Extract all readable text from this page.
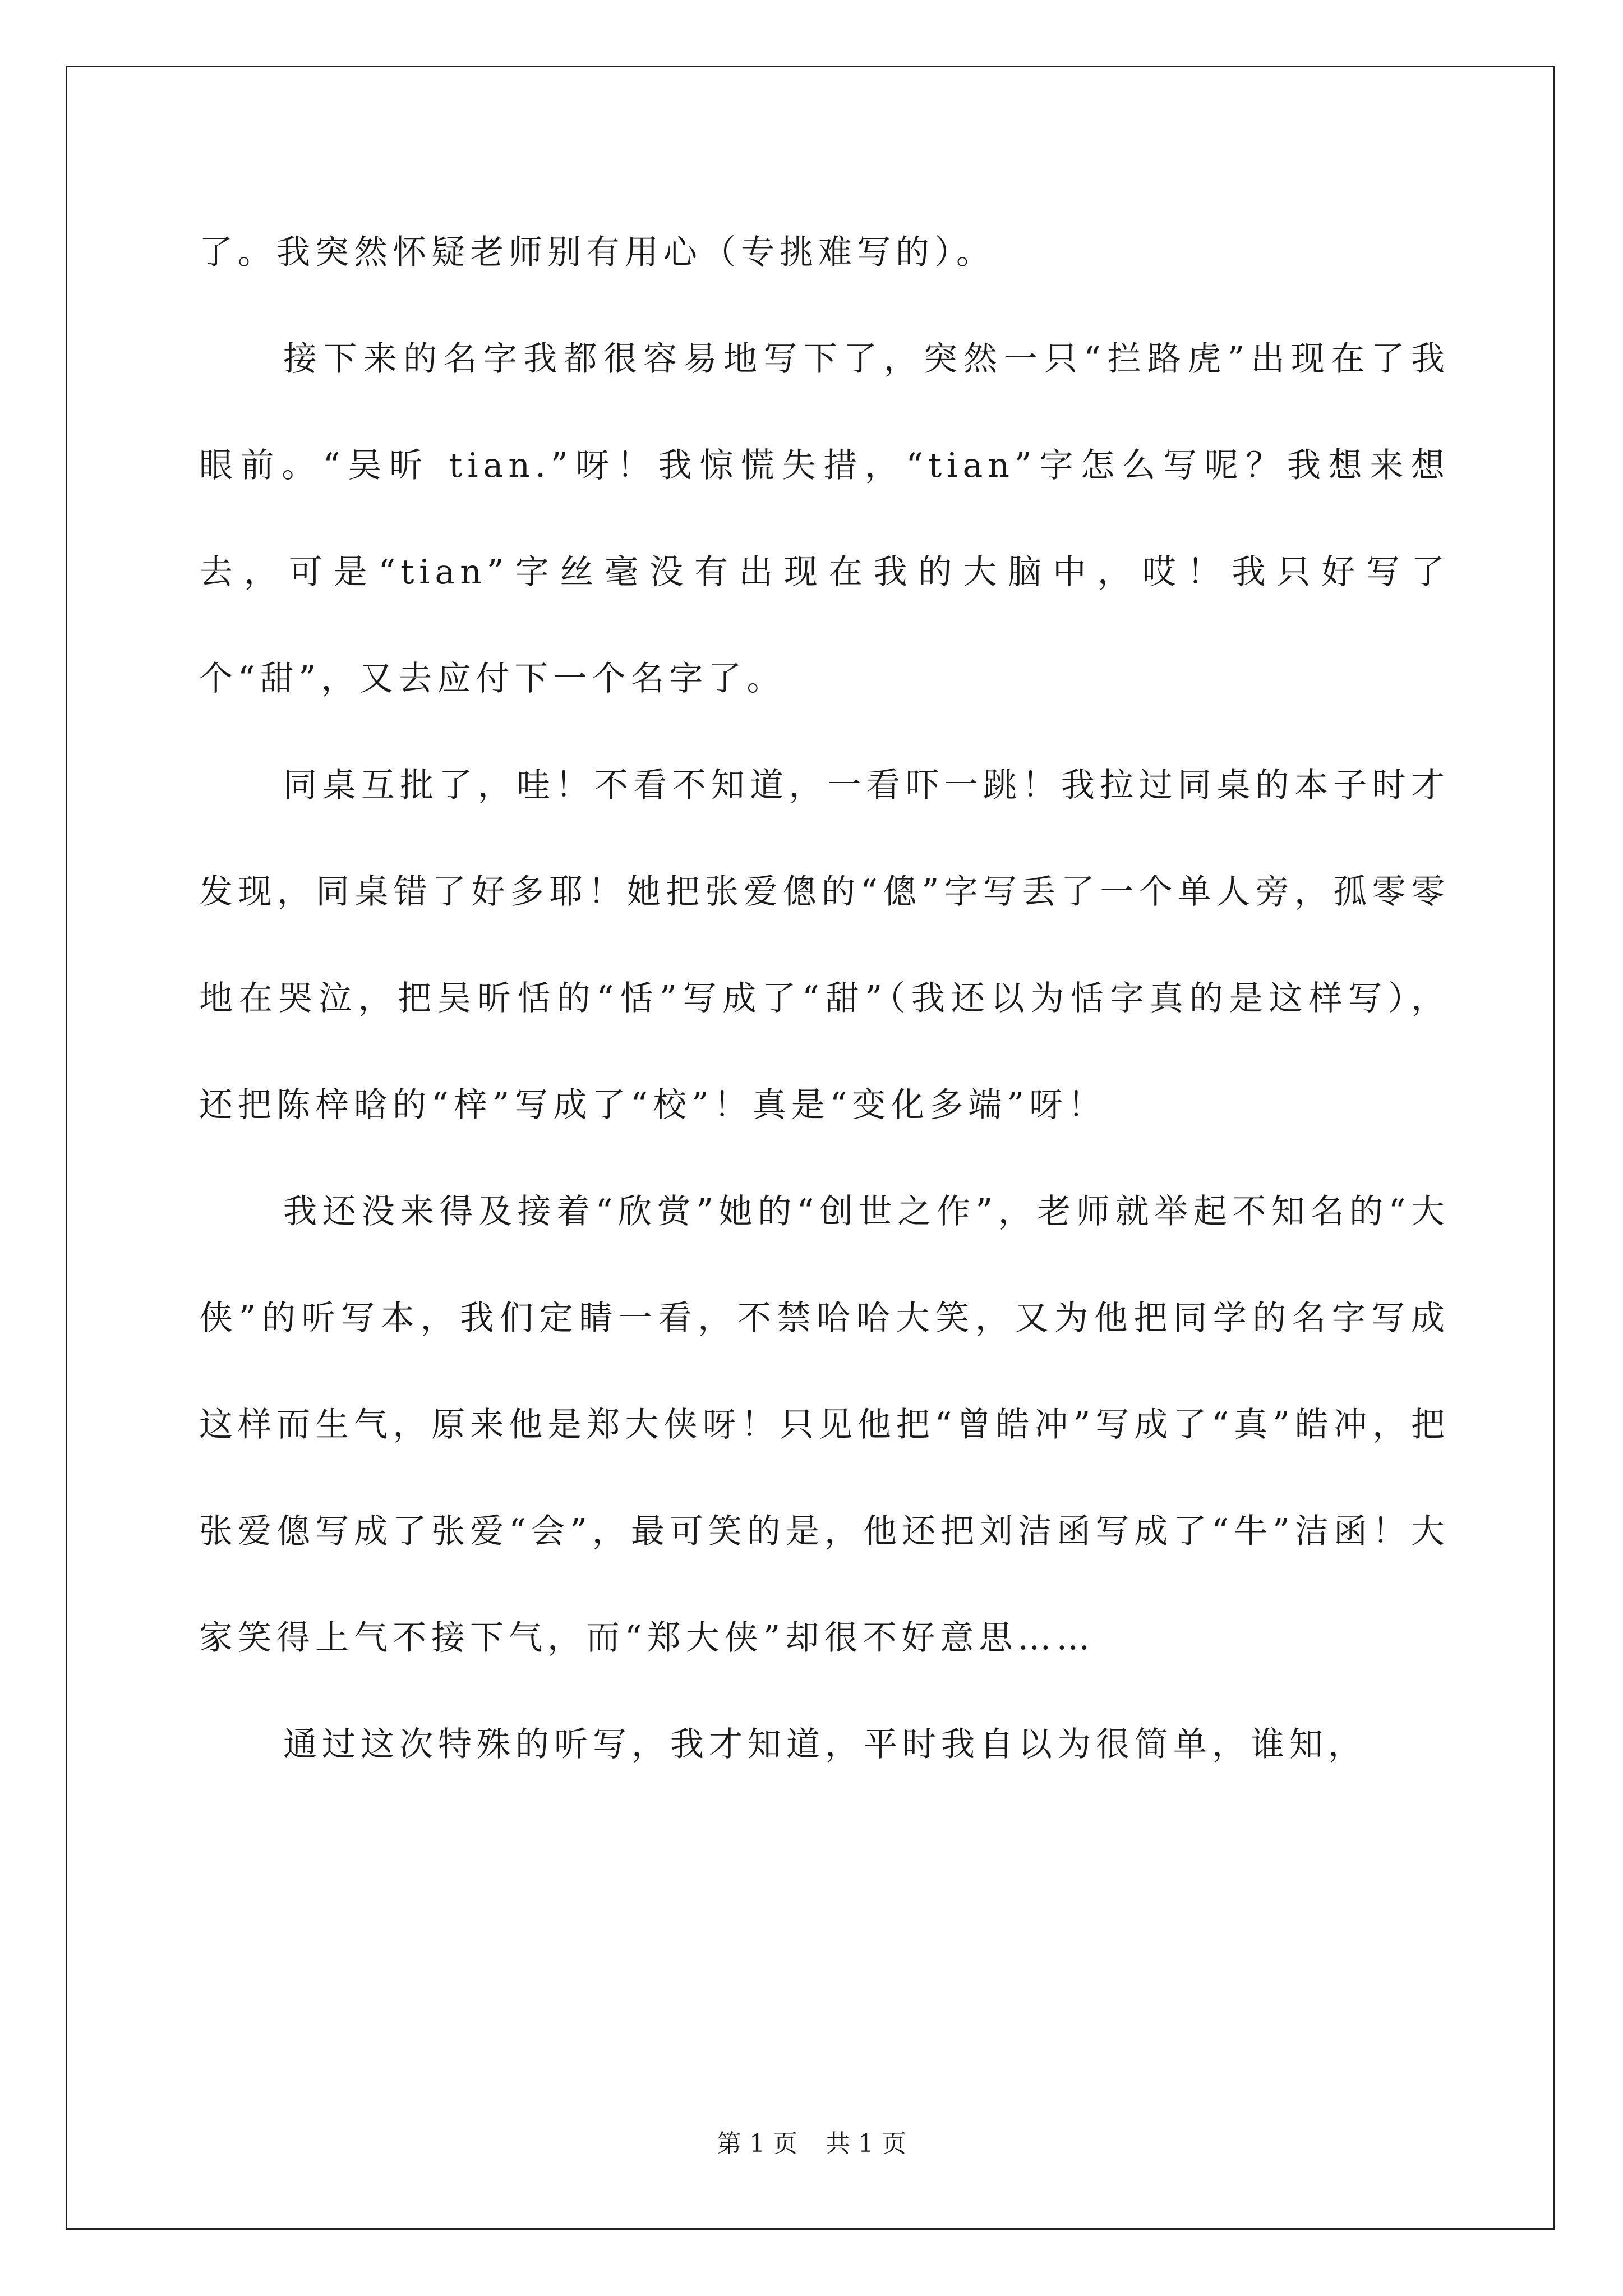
了。我突然怀疑老师别有用心（专挑难写的）。

接下来的名字我都很容易地写下了，突然一只“拦路虎”出现在了我眼前。“吴昕 tian.”呀！我惊慌失措，“tian”字怎么写呢？我想来想去，可是“tian”字丝毫没有出现在我的大脑中，哎！我只好写了个“甜”，又去应付下一个名字了。

同桌互批了，哇！不看不知道，一看吓一跳！我拉过同桌的本子时才发现，同桌错了好多耶！她把张爱傯的“傯”字写丢了一个单人旁，孤零零地在哭泣，把吴昕恬的“恬”写成了“甜”（我还以为恬字真的是这样写），还把陈梓晗的“梓”写成了“校”！真是“变化多端”呀！

我还没来得及接着“欣赏”她的“创世之作”，老师就举起不知名的“大侠”的听写本，我们定睛一看，不禁哈哈大笑，又为他把同学的名字写成这样而生气，原来他是郑大侠呀！只见他把“曾皓冲”写成了“真”皓冲，把张爱傯写成了张爱“会”，最可笑的是，他还把刘洁函写成了“牛”洁函！大家笑得上气不接下气，而“郑大侠”却很不好意思……

通过这次特殊的听写，我才知道，平时我自以为很简单，谁知，

第 1 页 共 1 页
